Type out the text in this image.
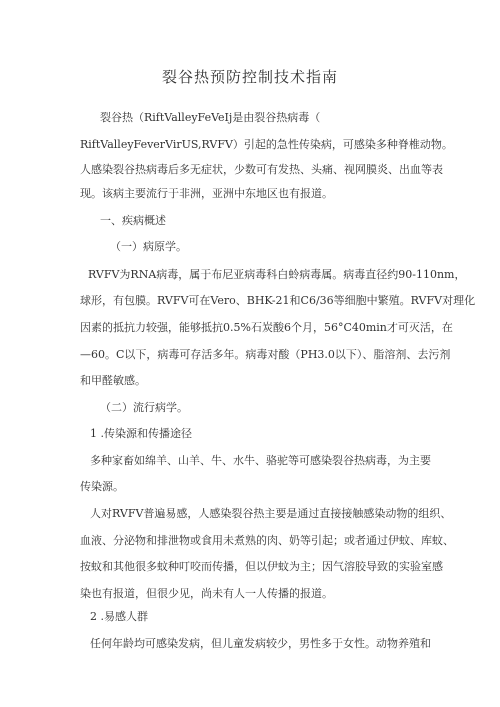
裂谷热预防控制技术指南
裂谷热（RiftValleyFeVeIj是由裂谷热病毒（
RiftValleyFeverVirUS,RVFV）引起的急性传染病，可感染多种脊椎动物。
人感染裂谷热病毒后多无症状，少数可有发热、头痛、视网膜炎、出血等表
现。该病主要流行于非洲，亚洲中东地区也有报道。
一、疾病概述
（一）病原学。
RVFV为RNA病毒，属于布尼亚病毒科白蛉病毒属。病毒直径约90-110nm，
球形，有包膜。RVFV可在Vero、BHK-21和C6/36等细胞中繁殖。RVFV对理化
因素的抵抗力较强，能够抵抗0.5%石炭酸6个月，56°C40min才可灭活，在
—60。C以下，病毒可存活多年。病毒对酸（PH3.0以下）、脂溶剂、去污剂
和甲醛敏感。
（二）流行病学。
1 .传染源和传播途径
多种家畜如绵羊、山羊、牛、水牛、骆驼等可感染裂谷热病毒，为主要
传染源。
人对RVFV普遍易感，人感染裂谷热主要是通过直接接触感染动物的组织、
血液、分泌物和排泄物或食用未煮熟的肉、奶等引起；或者通过伊蚊、库蚊、
按蚊和其他很多蚊种叮咬而传播，但以伊蚊为主；因气溶胶导致的实验室感
染也有报道，但很少见，尚未有人一人传播的报道。
2 .易感人群
任何年龄均可感染发病，但儿童发病较少，男性多于女性。动物养殖和
